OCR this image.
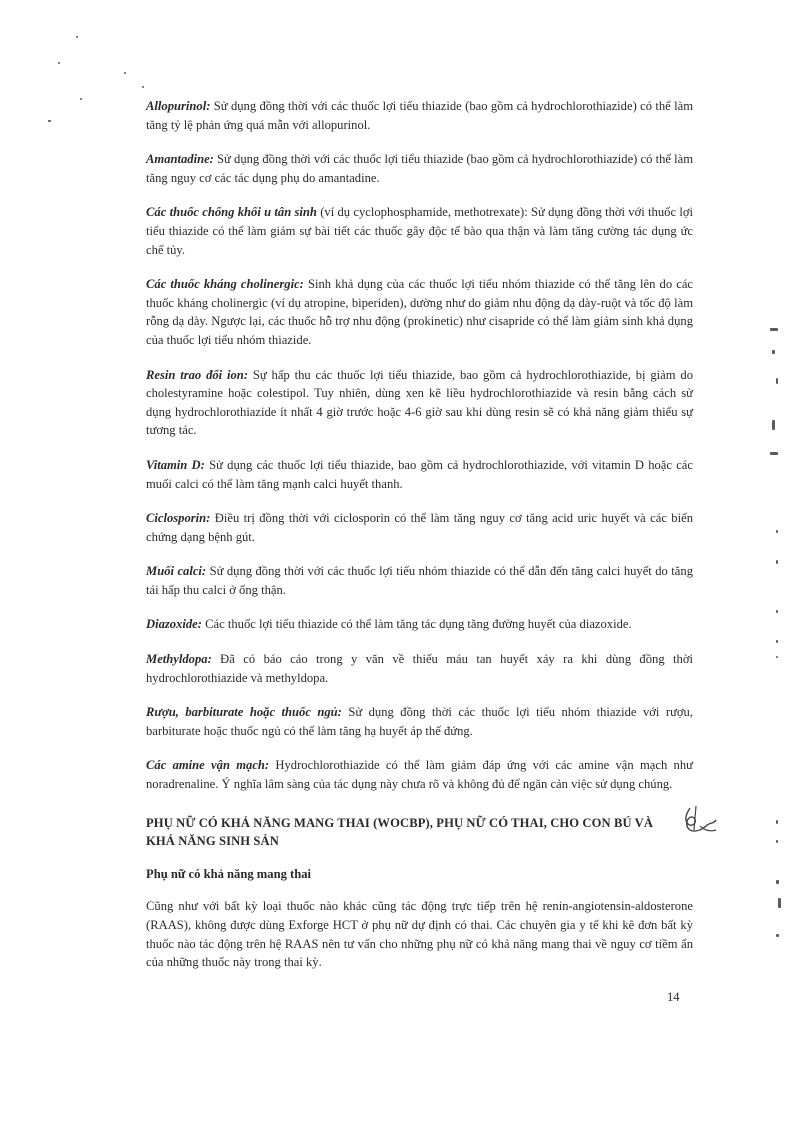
Allopurinol: Sử dụng đồng thời với các thuốc lợi tiểu thiazide (bao gồm cả hydrochlorothiazide) có thể làm tăng tỷ lệ phản ứng quá mẫn với allopurinol.

Amantadine: Sử dụng đồng thời với các thuốc lợi tiểu thiazide (bao gồm cả hydrochlorothiazide) có thể làm tăng nguy cơ các tác dụng phụ do amantadine.

Các thuốc chống khối u tân sinh (ví dụ cyclophosphamide, methotrexate): Sử dụng đồng thời với thuốc lợi tiểu thiazide có thể làm giảm sự bài tiết các thuốc gây độc tế bào qua thận và làm tăng cường tác dụng ức chế tủy.

Các thuốc kháng cholinergic: Sinh khả dụng của các thuốc lợi tiểu nhóm thiazide có thể tăng lên do các thuốc kháng cholinergic (ví dụ atropine, biperiden), dường như do giảm nhu động dạ dày-ruột và tốc độ làm rỗng dạ dày. Ngược lại, các thuốc hỗ trợ nhu động (prokinetic) như cisapride có thể làm giảm sinh khả dụng của thuốc lợi tiểu nhóm thiazide.

Resin trao đổi ion: Sự hấp thu các thuốc lợi tiểu thiazide, bao gồm cả hydrochlorothiazide, bị giảm do cholestyramine hoặc colestipol. Tuy nhiên, dùng xen kẽ liều hydrochlorothiazide và resin bằng cách sử dụng hydrochlorothiazide ít nhất 4 giờ trước hoặc 4-6 giờ sau khi dùng resin sẽ có khả năng giảm thiểu sự tương tác.

Vitamin D: Sử dụng các thuốc lợi tiểu thiazide, bao gồm cả hydrochlorothiazide, với vitamin D hoặc các muối calci có thể làm tăng mạnh calci huyết thanh.

Ciclosporin: Điều trị đồng thời với ciclosporin có thể làm tăng nguy cơ tăng acid uric huyết và các biến chứng dạng bệnh gút.

Muối calci: Sử dụng đồng thời với các thuốc lợi tiểu nhóm thiazide có thể dẫn đến tăng calci huyết do tăng tái hấp thu calci ở ống thận.

Diazoxide: Các thuốc lợi tiểu thiazide có thể làm tăng tác dụng tăng đường huyết của diazoxide.

Methyldopa: Đã có báo cáo trong y văn về thiếu máu tan huyết xảy ra khi dùng đồng thời hydrochlorothiazide và methyldopa.

Rượu, barbiturate hoặc thuốc ngủ: Sử dụng đồng thời các thuốc lợi tiểu nhóm thiazide với rượu, barbiturate hoặc thuốc ngủ có thể làm tăng hạ huyết áp thế đứng.

Các amine vận mạch: Hydrochlorothiazide có thể làm giảm đáp ứng với các amine vận mạch như noradrenaline. Ý nghĩa lâm sàng của tác dụng này chưa rõ và không đủ để ngăn cản việc sử dụng chúng.

PHỤ NỮ CÓ KHẢ NĂNG MANG THAI (WOCBP), PHỤ NỮ CÓ THAI, CHO CON BÚ VÀ KHẢ NĂNG SINH SẢN
Phụ nữ có khả năng mang thai

Cũng như với bất kỳ loại thuốc nào khác cũng tác động trực tiếp trên hệ renin-angiotensin-aldosterone (RAAS), không được dùng Exforge HCT ở phụ nữ dự định có thai. Các chuyên gia y tế khi kê đơn bất kỳ thuốc nào tác động trên hệ RAAS nên tư vấn cho những phụ nữ có khả năng mang thai về nguy cơ tiềm ẩn của những thuốc này trong thai kỳ.

14
